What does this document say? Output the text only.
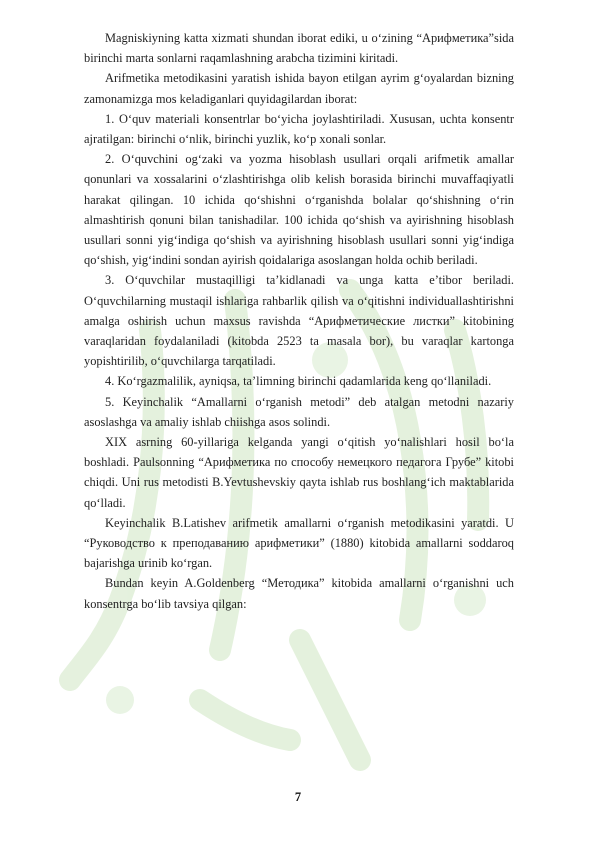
Magniskiyning katta xizmati shundan iborat ediki, u o‘zining “Арифметика”sida birinchi marta sonlarni raqamlashning arabcha tizimini kiritadi.

Arifmetika metodikasini yaratish ishida bayon etilgan ayrim g‘oyalardan bizning zamonamizga mos keladiganlari quyidagilardan iborat:

1. O‘quv materiali konsentrlar bo‘yicha joylashtiriladi. Xususan, uchta konsentr ajratilgan: birinchi o‘nlik, birinchi yuzlik, ko‘p xonali sonlar.

2. O‘quvchini og‘zaki va yozma hisoblash usullari orqali arifmetik amallar qonunlari va xossalarini o‘zlashtirishga olib kelish borasida birinchi muvaffaqiyatli harakat qilingan. 10 ichida qo‘shishni o‘rganishda bolalar qo‘shishning o‘rin almashtirish qonuni bilan tanishadilar. 100 ichida qo‘shish va ayirishning hisoblash usullari sonni yig‘indiga qo‘shish va ayirishning hisoblash usullari sonni yig‘indiga qo‘shish, yig‘indini sondan ayirish qoidalariga asoslangan holda ochib beriladi.

3. O‘quvchilar mustaqilligi ta’kidlanadi va unga katta e’tibor beriladi. O‘quvchilarning mustaqil ishlariga rahbarlik qilish va o‘qitishni individuallashtirishni amalga oshirish uchun maxsus ravishda “Арифметические листки” kitobining varaqlaridan foydalaniladi (kitobda 2523 ta masala bor), bu varaqlar kartonga yopishtirilib, o‘quvchilarga tarqatiladi.

4. Ko‘rgazmalilik, ayniqsa, ta’limning birinchi qadamlarida keng qo‘llaniladi.

5. Keyinchalik “Amallarni o‘rganish metodi” deb atalgan metodni nazariy asoslashga va amaliy ishlab chiishga asos solindi.

XIX asrning 60-yillariga kelganda yangi o‘qitish yo‘nalishlari hosil bo‘la boshladi. Paulsonning “Арифметика по способу немецкого педагога Грубе” kitobi chiqdi. Uni rus metodisti B.Yevtushevskiy qayta ishlab rus boshlang‘ich maktablarida qo‘lladi.

Keyinchalik B.Latishev arifmetik amallarni o‘rganish metodikasini yaratdi. U “Руководство к преподаванию арифметики” (1880) kitobida amallarni soddaroq bajarishga urinib ko‘rgan.

Bundan keyin A.Goldenberg “Методика” kitobida amallarni o‘rganishni uch konsentrga bo‘lib tavsiya qilgan:

7
